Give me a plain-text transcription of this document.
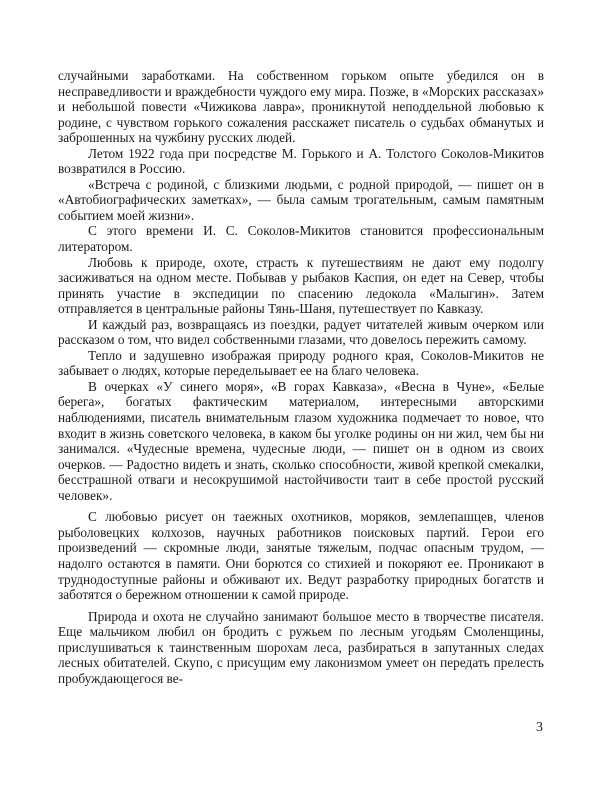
случайными заработками. На собственном горьком опыте убедился он в несправедливости и враждебности чуждого ему мира. Позже, в «Морских рассказах» и небольшой повести «Чижикова лавра», проникнутой неподдельной любовью к родине, с чувством горького сожаления расскажет писатель о судьбах обманутых и заброшенных на чужбину русских людей.

Летом 1922 года при посредстве М. Горького и А. Толстого Соколов-Микитов возвратился в Россию.

«Встреча с родиной, с близкими людьми, с родной природой, — пишет он в «Автобиографических заметках», — была самым трогательным, самым памятным событием моей жизни».

С этого времени И. С. Соколов-Микитов становится профессиональным литератором.

Любовь к природе, охоте, страсть к путешествиям не дают ему подолгу засиживаться на одном месте. Побывав у рыбаков Каспия, он едет на Север, чтобы принять участие в экспедиции по спасению ледокола «Малыгин». Затем отправляется в центральные районы Тянь-Шаня, путешествует по Кавказу.

И каждый раз, возвращаясь из поездки, радует читателей живым очерком или рассказом о том, что видел собственными глазами, что довелось пережить самому.

Тепло и задушевно изображая природу родного края, Соколов-Микитов не забывает о людях, которые передельывает ее на благо человека.

В очерках «У синего моря», «В горах Кавказа», «Весна в Чуне», «Белые берега», богатых фактическим материалом, интересными авторскими наблюдениями, писатель внимательным глазом художника подмечает то новое, что входит в жизнь советского человека, в каком бы уголке родины он ни жил, чем бы ни занимался. «Чудесные времена, чудесные люди, — пишет он в одном из своих очерков. — Радостно видеть и знать, сколько способности, живой крепкой смекалки, бесстрашной отваги и несокрушимой настойчивости таит в себе простой русский человек».

С любовью рисует он таежных охотников, моряков, землепашцев, членов рыболовецких колхозов, научных работников поисковых партий. Герои его произведений — скромные люди, занятые тяжелым, подчас опасным трудом, — надолго остаются в памяти. Они борются со стихией и покоряют ее. Проникают в труднодоступные районы и обживают их. Ведут разработку природных богатств и заботятся о бережном отношении к самой природе.

Природа и охота не случайно занимают большое место в творчестве писателя. Еще мальчиком любил он бродить с ружьем по лесным угодьям Смоленщины, прислушиваться к таинственным шорохам леса, разбираться в запутанных следах лесных обитателей. Скупо, с присущим ему лаконизмом умеет он передать прелесть пробуждающегося ве-

3
